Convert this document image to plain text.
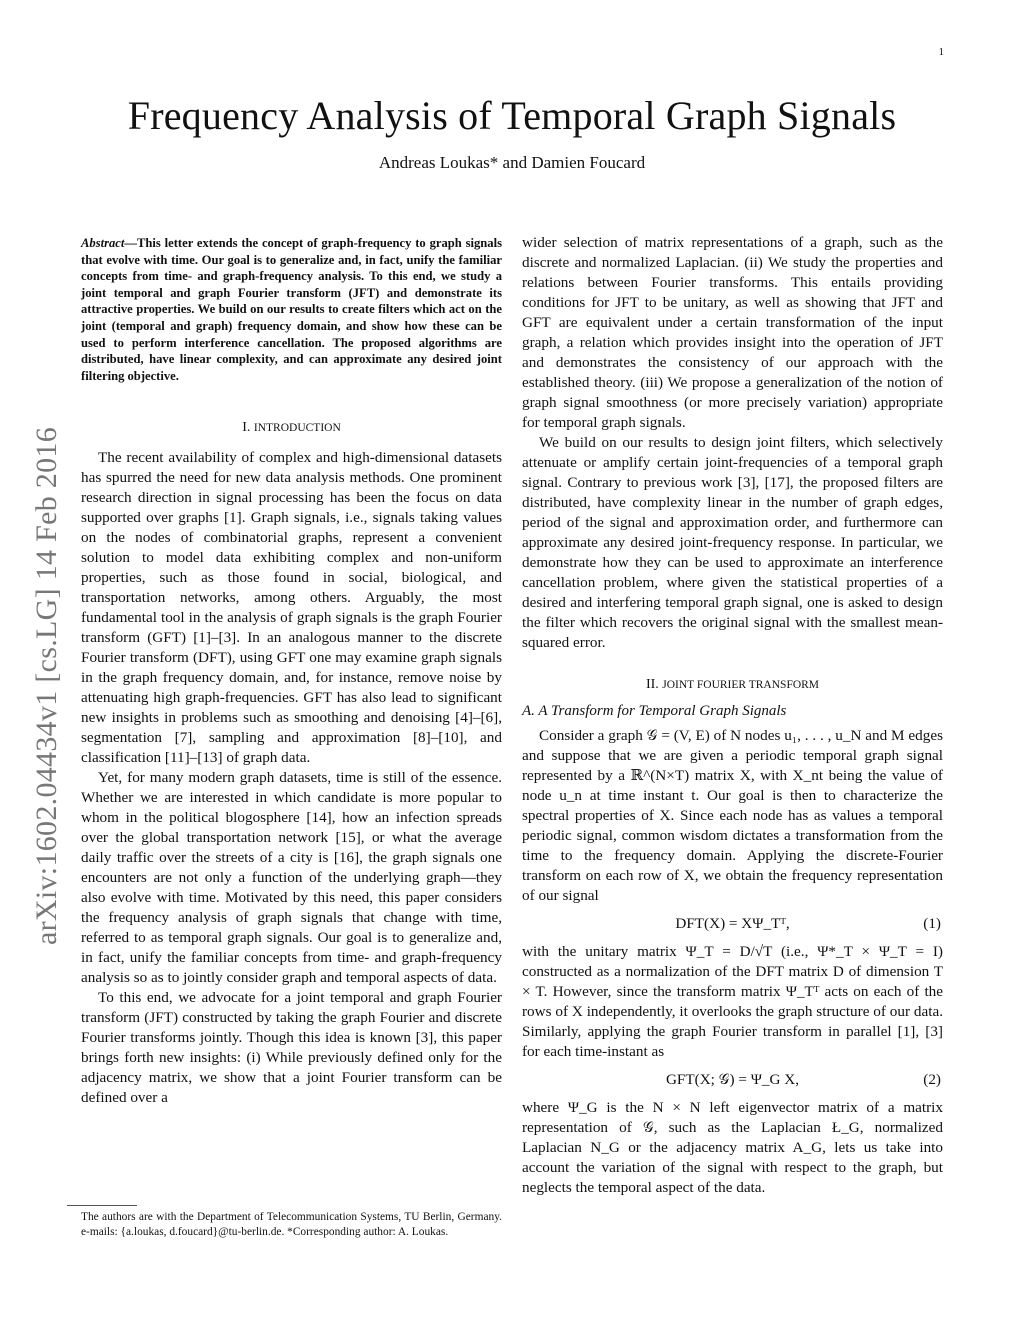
1
Frequency Analysis of Temporal Graph Signals
Andreas Loukas* and Damien Foucard
arXiv:1602.04434v1 [cs.LG] 14 Feb 2016

Abstract—This letter extends the concept of graph-frequency to graph signals that evolve with time. Our goal is to generalize and, in fact, unify the familiar concepts from time- and graph-frequency analysis. To this end, we study a joint temporal and graph Fourier transform (JFT) and demonstrate its attractive properties. We build on our results to create filters which act on the joint (temporal and graph) frequency domain, and show how these can be used to perform interference cancellation. The proposed algorithms are distributed, have linear complexity, and can approximate any desired joint filtering objective.

I. INTRODUCTION

The recent availability of complex and high-dimensional datasets has spurred the need for new data analysis methods. One prominent research direction in signal processing has been the focus on data supported over graphs [1]. Graph signals, i.e., signals taking values on the nodes of combinatorial graphs, represent a convenient solution to model data exhibiting complex and non-uniform properties, such as those found in social, biological, and transportation networks, among others. Arguably, the most fundamental tool in the analysis of graph signals is the graph Fourier transform (GFT) [1]–[3]. In an analogous manner to the discrete Fourier transform (DFT), using GFT one may examine graph signals in the graph frequency domain, and, for instance, remove noise by attenuating high graph-frequencies. GFT has also lead to significant new insights in problems such as smoothing and denoising [4]–[6], segmentation [7], sampling and approximation [8]–[10], and classification [11]–[13] of graph data.

Yet, for many modern graph datasets, time is still of the essence. Whether we are interested in which candidate is more popular to whom in the political blogosphere [14], how an infection spreads over the global transportation network [15], or what the average daily traffic over the streets of a city is [16], the graph signals one encounters are not only a function of the underlying graph—they also evolve with time. Motivated by this need, this paper considers the frequency analysis of graph signals that change with time, referred to as temporal graph signals. Our goal is to generalize and, in fact, unify the familiar concepts from time- and graph-frequency analysis so as to jointly consider graph and temporal aspects of data.

To this end, we advocate for a joint temporal and graph Fourier transform (JFT) constructed by taking the graph Fourier and discrete Fourier transforms jointly. Though this idea is known [3], this paper brings forth new insights: (i) While previously defined only for the adjacency matrix, we show that a joint Fourier transform can be defined over a

The authors are with the Department of Telecommunication Systems, TU Berlin, Germany. e-mails: {a.loukas, d.foucard}@tu-berlin.de. *Corresponding author: A. Loukas.

wider selection of matrix representations of a graph, such as the discrete and normalized Laplacian. (ii) We study the properties and relations between Fourier transforms. This entails providing conditions for JFT to be unitary, as well as showing that JFT and GFT are equivalent under a certain transformation of the input graph, a relation which provides insight into the operation of JFT and demonstrates the consistency of our approach with the established theory. (iii) We propose a generalization of the notion of graph signal smoothness (or more precisely variation) appropriate for temporal graph signals.

We build on our results to design joint filters, which selectively attenuate or amplify certain joint-frequencies of a temporal graph signal. Contrary to previous work [3], [17], the proposed filters are distributed, have complexity linear in the number of graph edges, period of the signal and approximation order, and furthermore can approximate any desired joint-frequency response. In particular, we demonstrate how they can be used to approximate an interference cancellation problem, where given the statistical properties of a desired and interfering temporal graph signal, one is asked to design the filter which recovers the original signal with the smallest mean-squared error.

II. JOINT FOURIER TRANSFORM
A. A Transform for Temporal Graph Signals

Consider a graph 𝒢 = (V, E) of N nodes u₁, . . . , u_N and M edges and suppose that we are given a periodic temporal graph signal represented by a ℝ^(N×T) matrix X, with X_nt being the value of node u_n at time instant t. Our goal is then to characterize the spectral properties of X. Since each node has as values a temporal periodic signal, common wisdom dictates a transformation from the time to the frequency domain. Applying the discrete-Fourier transform on each row of X, we obtain the frequency representation of our signal

DFT(X) = XΨ_Tᵀ,	(1)

with the unitary matrix Ψ_T = D/√T (i.e., Ψ*_T × Ψ_T = I) constructed as a normalization of the DFT matrix D of dimension T × T. However, since the transform matrix Ψ_Tᵀ acts on each of the rows of X independently, it overlooks the graph structure of our data. Similarly, applying the graph Fourier transform in parallel [1], [3] for each time-instant as

GFT(X; 𝒢) = Ψ_G X,	(2)

where Ψ_G is the N × N left eigenvector matrix of a matrix representation of 𝒢, such as the Laplacian Ł_G, normalized Laplacian N_G or the adjacency matrix A_G, lets us take into account the variation of the signal with respect to the graph, but neglects the temporal aspect of the data.
